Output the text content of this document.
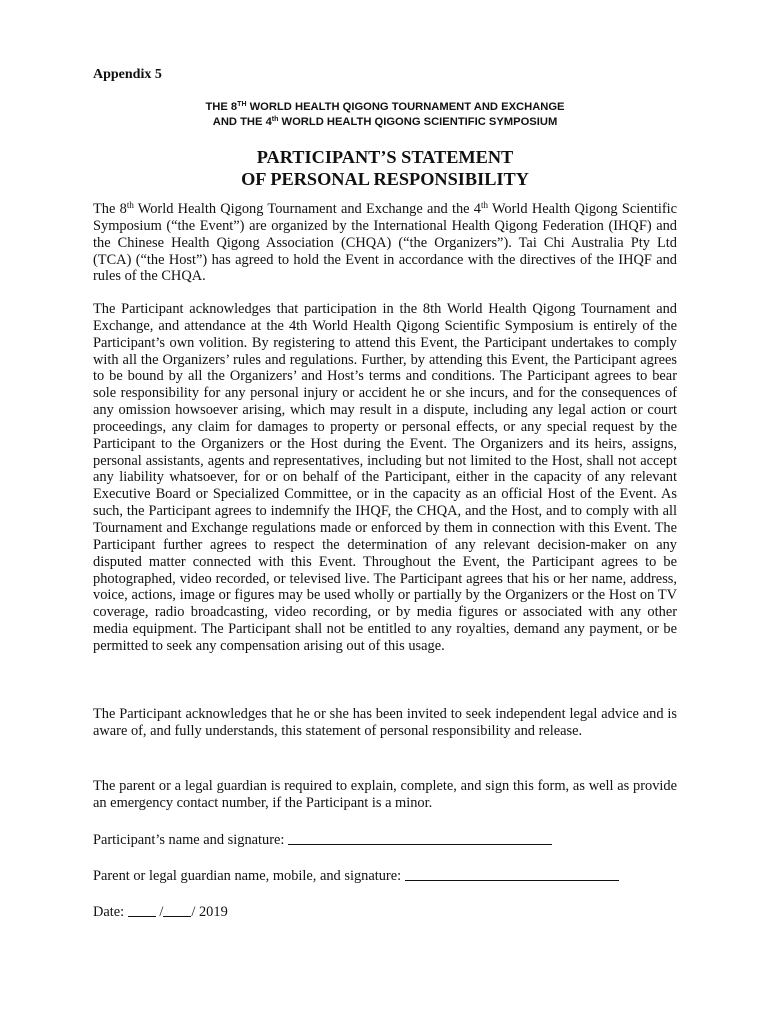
Appendix 5
THE 8TH WORLD HEALTH QIGONG TOURNAMENT AND EXCHANGE
AND THE 4th WORLD HEALTH QIGONG SCIENTIFIC SYMPOSIUM
PARTICIPANT’S STATEMENT
OF PERSONAL RESPONSIBILITY
The 8th World Health Qigong Tournament and Exchange and the 4th World Health Qigong Scientific Symposium (“the Event”) are organized by the International Health Qigong Federation (IHQF) and the Chinese Health Qigong Association (CHQA) (“the Organizers”). Tai Chi Australia Pty Ltd (TCA) (“the Host”) has agreed to hold the Event in accordance with the directives of the IHQF and rules of the CHQA.
The Participant acknowledges that participation in the 8th World Health Qigong Tournament and Exchange, and attendance at the 4th World Health Qigong Scientific Symposium is entirely of the Participant’s own volition. By registering to attend this Event, the Participant undertakes to comply with all the Organizers’ rules and regulations. Further, by attending this Event, the Participant agrees to be bound by all the Organizers’ and Host’s terms and conditions. The Participant agrees to bear sole responsibility for any personal injury or accident he or she incurs, and for the consequences of any omission howsoever arising, which may result in a dispute, including any legal action or court proceedings, any claim for damages to property or personal effects, or any special request by the Participant to the Organizers or the Host during the Event. The Organizers and its heirs, assigns, personal assistants, agents and representatives, including but not limited to the Host, shall not accept any liability whatsoever, for or on behalf of the Participant, either in the capacity of any relevant Executive Board or Specialized Committee, or in the capacity as an official Host of the Event. As such, the Participant agrees to indemnify the IHQF, the CHQA, and the Host, and to comply with all Tournament and Exchange regulations made or enforced by them in connection with this Event. The Participant further agrees to respect the determination of any relevant decision-maker on any disputed matter connected with this Event. Throughout the Event, the Participant agrees to be photographed, video recorded, or televised live. The Participant agrees that his or her name, address, voice, actions, image or figures may be used wholly or partially by the Organizers or the Host on TV coverage, radio broadcasting, video recording, or by media figures or associated with any other media equipment. The Participant shall not be entitled to any royalties, demand any payment, or be permitted to seek any compensation arising out of this usage.
The Participant acknowledges that he or she has been invited to seek independent legal advice and is aware of, and fully understands, this statement of personal responsibility and release.
The parent or a legal guardian is required to explain, complete, and sign this form, as well as provide an emergency contact number, if the Participant is a minor.
Participant’s name and signature:
Parent or legal guardian name, mobile, and signature:
Date: / / 2019
